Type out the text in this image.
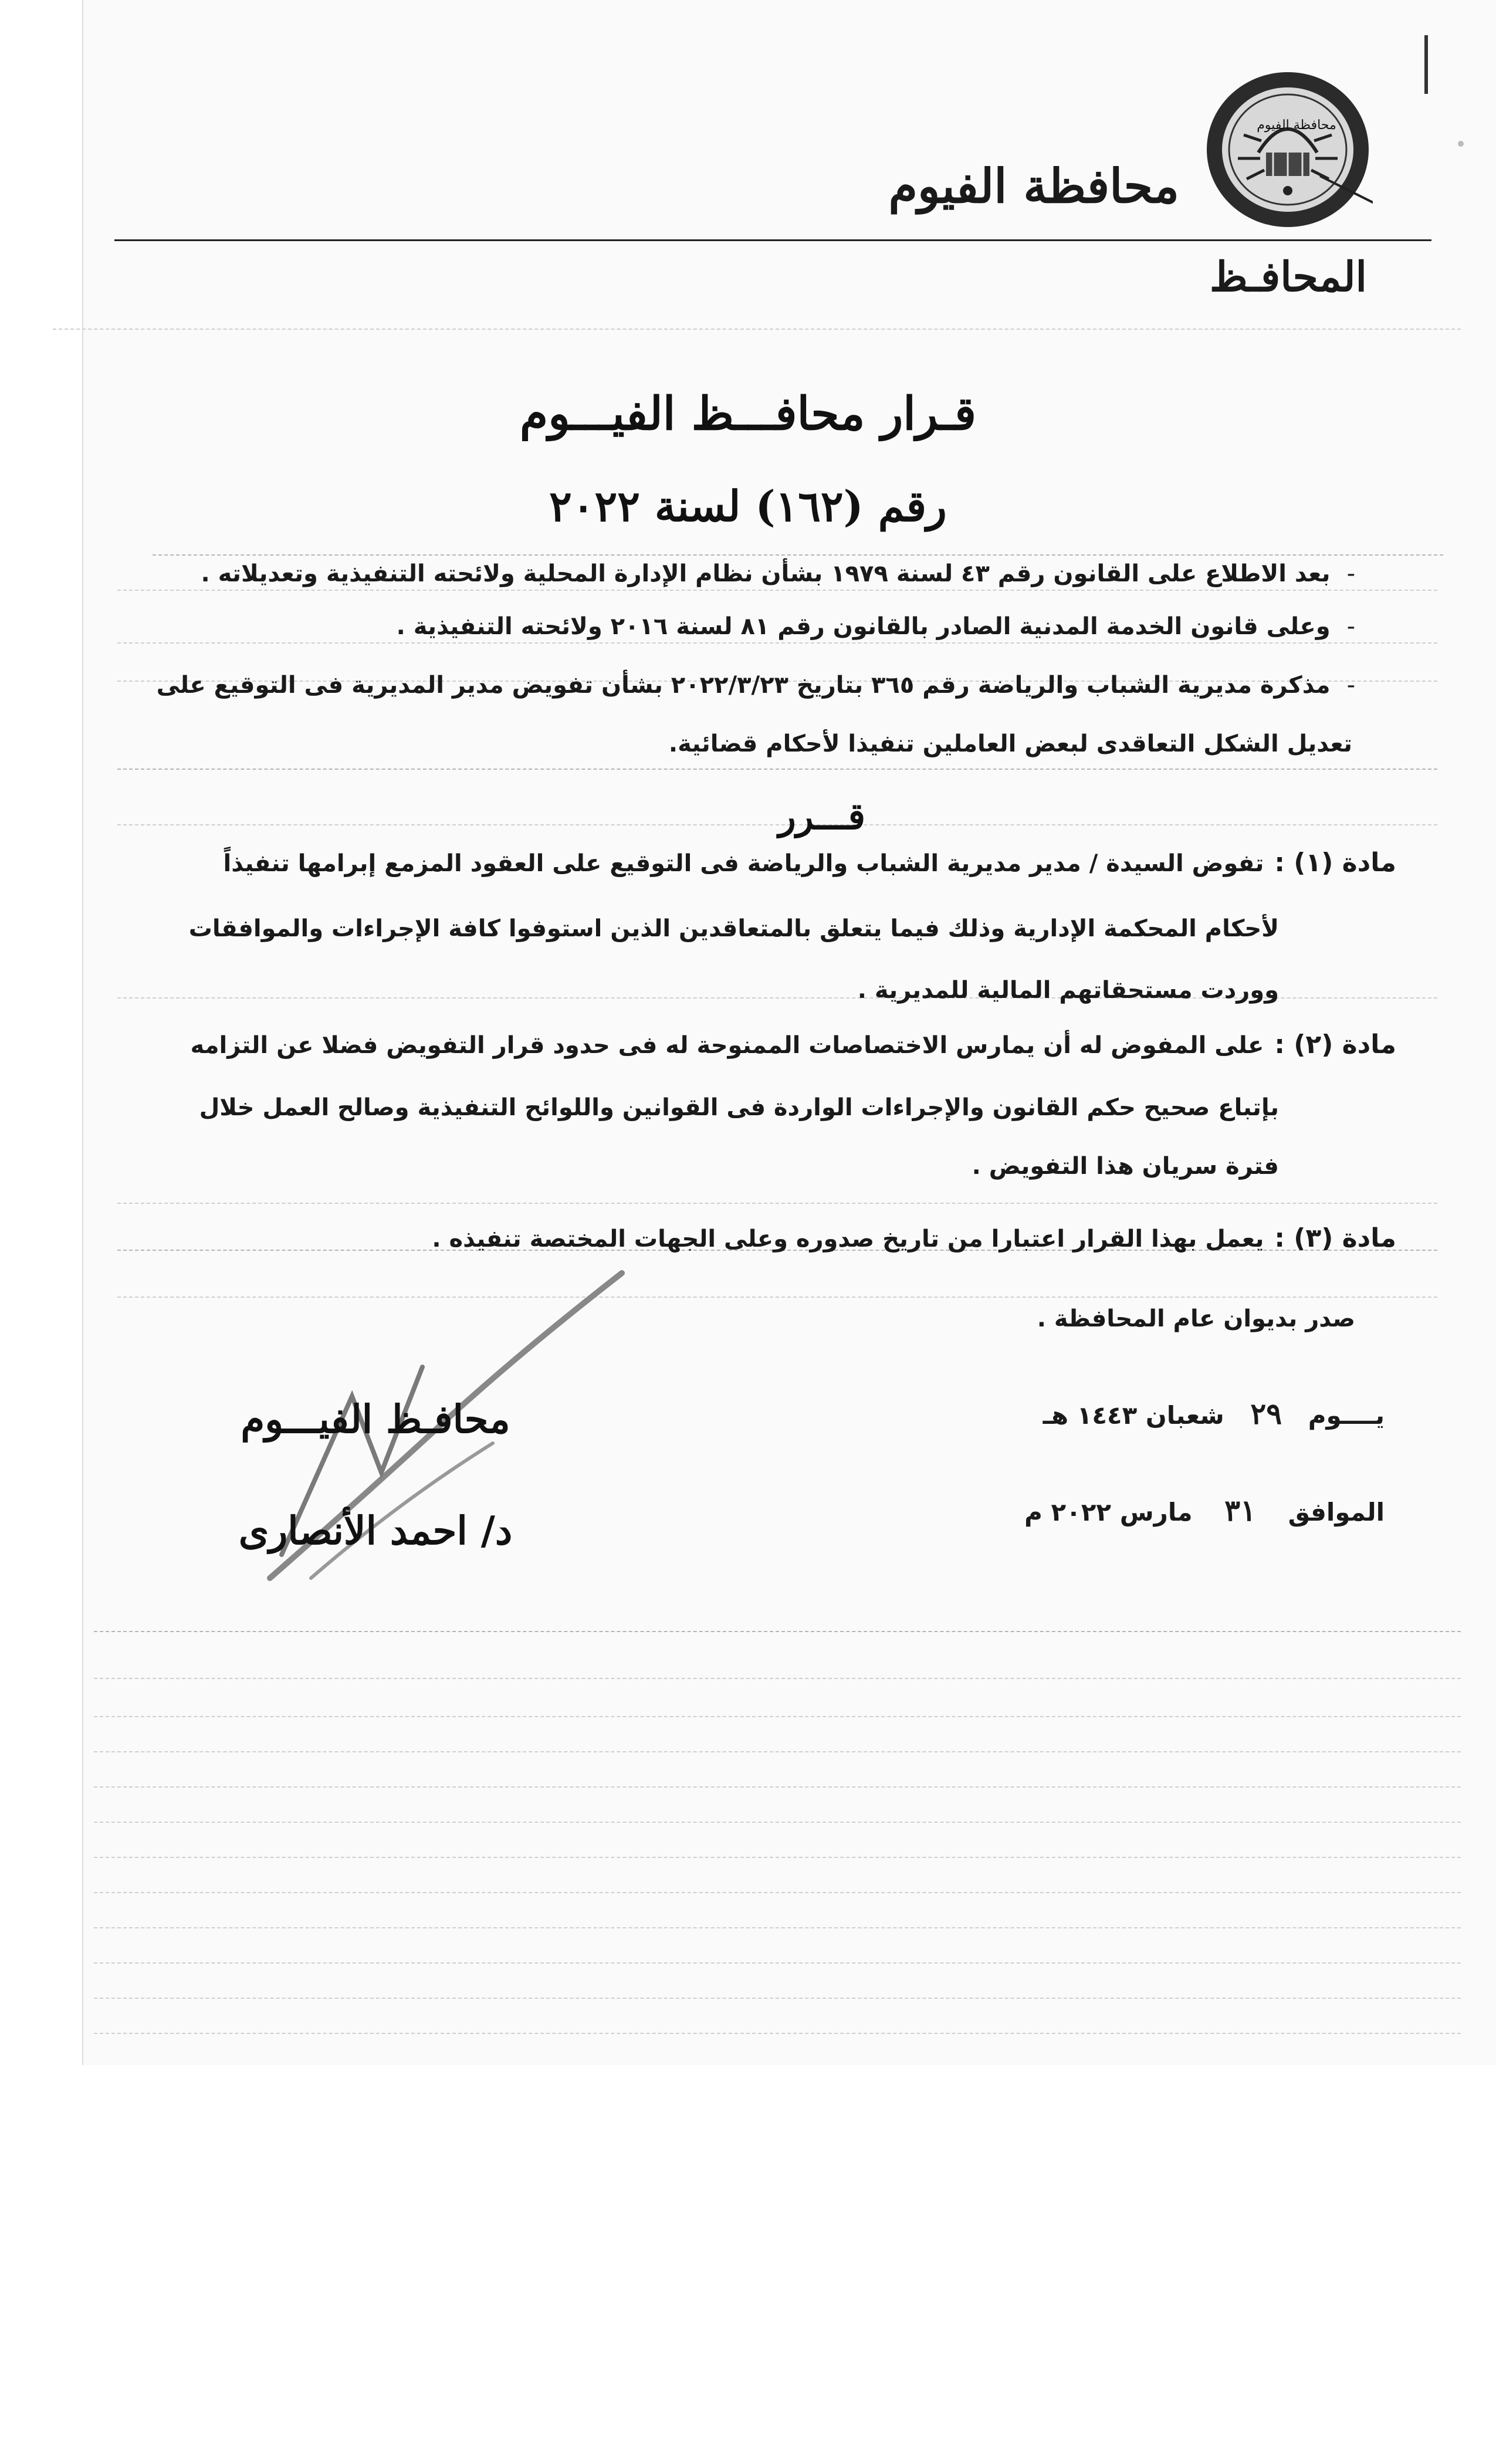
محافظة الفيوم
محافظة الفيوم
المحافـظ
قـرار محافـــظ الفيـــوم
رقم (١٦٢) لسنة ٢٠٢٢
-بعد الاطلاع على القانون رقم ٤٣ لسنة ١٩٧٩ بشأن نظام الإدارة المحلية ولائحته التنفيذية وتعديلاته .
-وعلى قانون الخدمة المدنية الصادر بالقانون رقم ٨١ لسنة ٢٠١٦ ولائحته التنفيذية .
-مذكرة مديرية الشباب والرياضة رقم ٣٦٥ بتاريخ ٢٠٢٢/٣/٢٣ بشأن تفويض مدير المديرية فى التوقيع على
تعديل الشكل التعاقدى لبعض العاملين تنفيذا لأحكام قضائية.
قـــرر
مادة (١) :تفوض السيدة / مدير مديرية الشباب والرياضة فى التوقيع على العقود المزمع إبرامها تنفيذاً
لأحكام المحكمة الإدارية وذلك فيما يتعلق بالمتعاقدين الذين استوفوا كافة الإجراءات والموافقات
ووردت مستحقاتهم المالية للمديرية .
مادة (٢) :على المفوض له أن يمارس الاختصاصات الممنوحة له فى حدود قرار التفويض فضلا عن التزامه
بإتباع صحيح حكم القانون والإجراءات الواردة فى القوانين واللوائح التنفيذية وصالح العمل خلال
فترة سريان هذا التفويض .
مادة (٣) :يعمل بهذا القرار اعتبارا من تاريخ صدوره وعلى الجهات المختصة تنفيذه .
صدر بديوان عام المحافظة .
يــــوم ٢٩ شعبان ١٤٤٣ هـ
الموافق ٣١ مارس ٢٠٢٢ م
محافـظ الفيـــوم
د/ احمد الأنصارى
